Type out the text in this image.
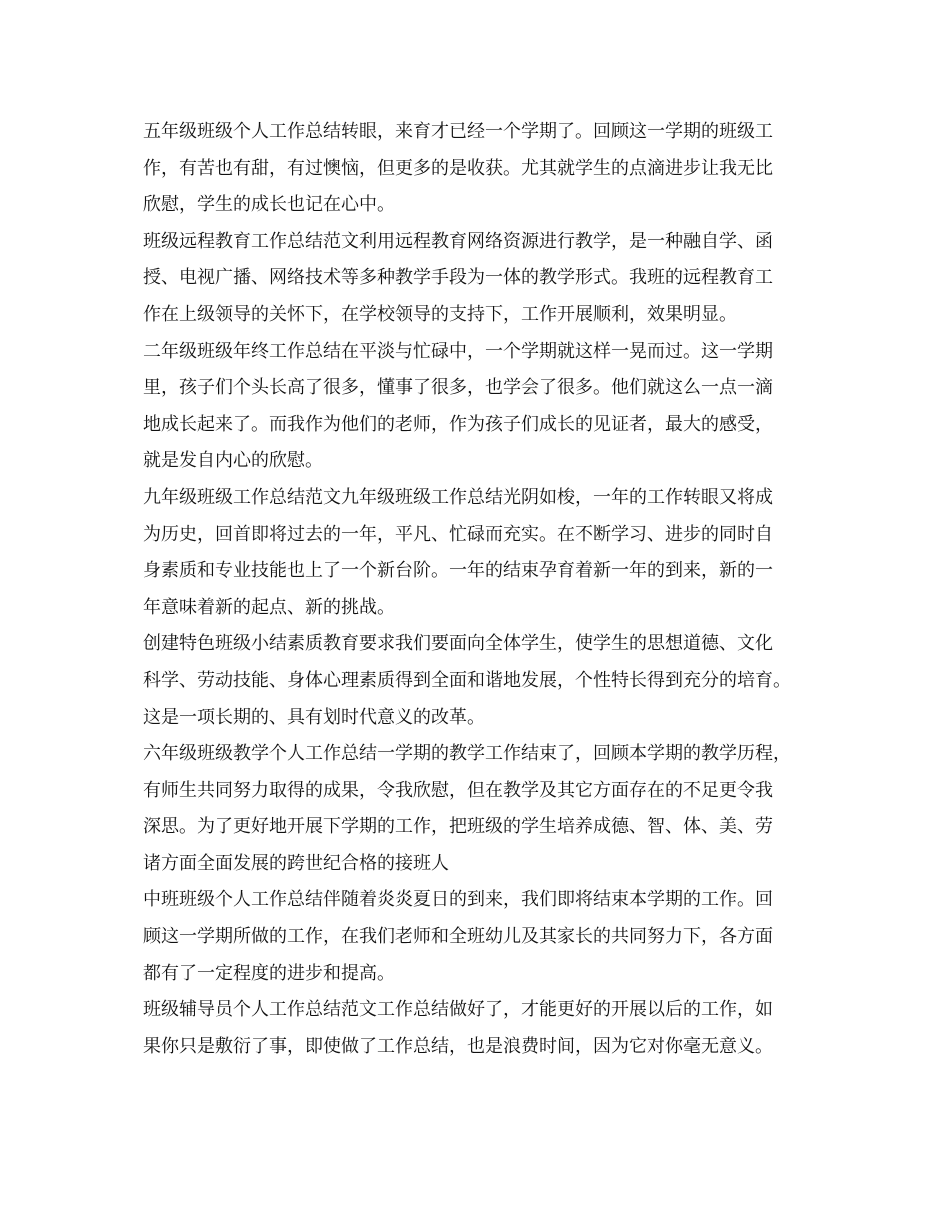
五年级班级个人工作总结转眼，来育才已经一个学期了。回顾这一学期的班级工
作，有苦也有甜，有过懊恼，但更多的是收获。尤其就学生的点滴进步让我无比
欣慰，学生的成长也记在心中。

班级远程教育工作总结范文利用远程教育网络资源进行教学，是一种融自学、函
授、电视广播、网络技术等多种教学手段为一体的教学形式。我班的远程教育工
作在上级领导的关怀下，在学校领导的支持下，工作开展顺利，效果明显。

二年级班级年终工作总结在平淡与忙碌中，一个学期就这样一晃而过。这一学期
里，孩子们个头长高了很多，懂事了很多，也学会了很多。他们就这么一点一滴
地成长起来了。而我作为他们的老师，作为孩子们成长的见证者，最大的感受，
就是发自内心的欣慰。

九年级班级工作总结范文九年级班级工作总结光阴如梭，一年的工作转眼又将成
为历史，回首即将过去的一年，平凡、忙碌而充实。在不断学习、进步的同时自
身素质和专业技能也上了一个新台阶。一年的结束孕育着新一年的到来，新的一
年意味着新的起点、新的挑战。

创建特色班级小结素质教育要求我们要面向全体学生，使学生的思想道德、文化
科学、劳动技能、身体心理素质得到全面和谐地发展，个性特长得到充分的培育。
这是一项长期的、具有划时代意义的改革。

六年级班级教学个人工作总结一学期的教学工作结束了，回顾本学期的教学历程，
有师生共同努力取得的成果，令我欣慰，但在教学及其它方面存在的不足更令我
深思。为了更好地开展下学期的工作，把班级的学生培养成德、智、体、美、劳
诸方面全面发展的跨世纪合格的接班人

中班班级个人工作总结伴随着炎炎夏日的到来，我们即将结束本学期的工作。回
顾这一学期所做的工作，在我们老师和全班幼儿及其家长的共同努力下，各方面
都有了一定程度的进步和提高。

班级辅导员个人工作总结范文工作总结做好了，才能更好的开展以后的工作，如
果你只是敷衍了事，即使做了工作总结，也是浪费时间，因为它对你毫无意义。
